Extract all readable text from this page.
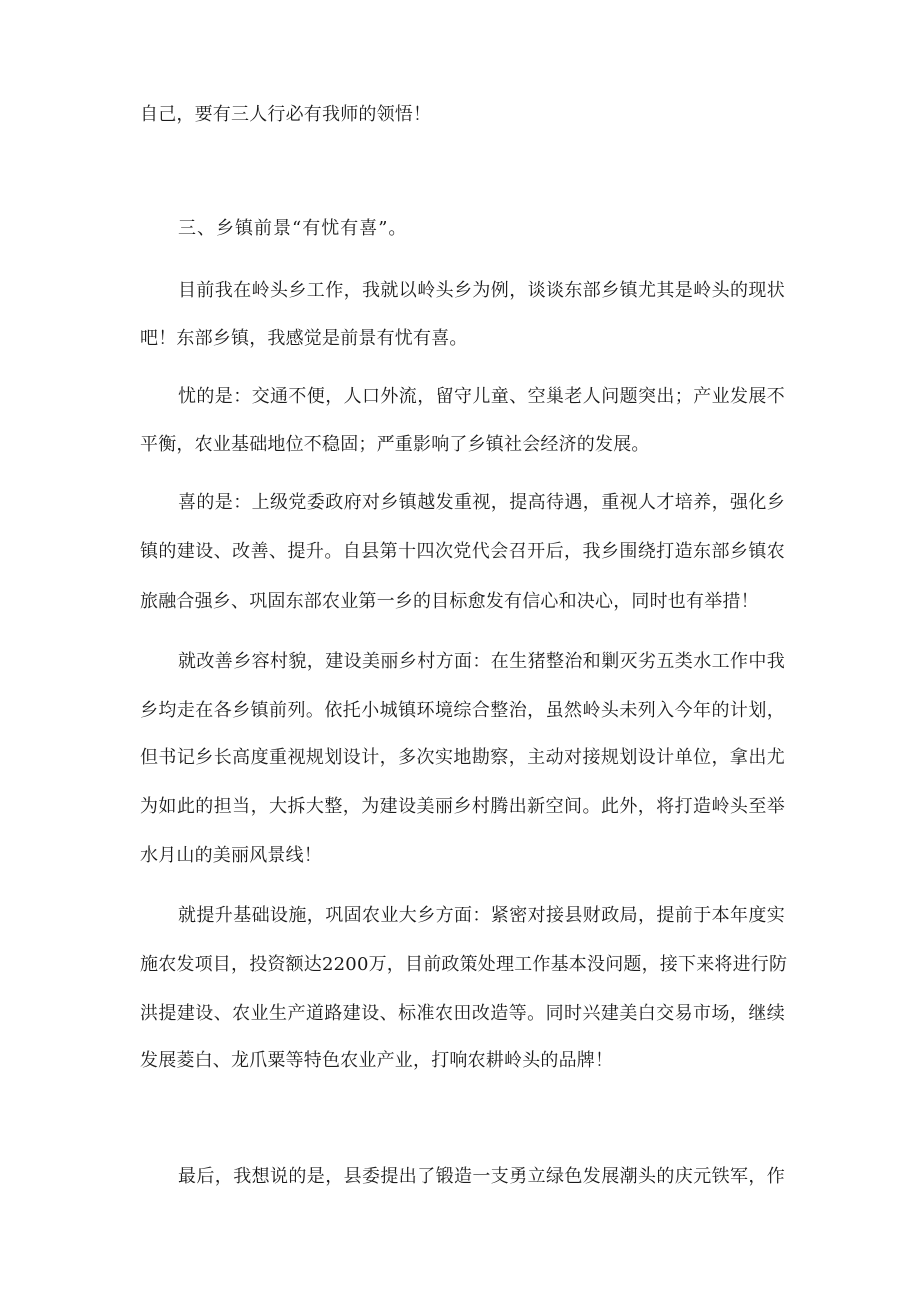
自己，要有三人行必有我师的领悟！
三、乡镇前景“有忧有喜”。
目前我在岭头乡工作，我就以岭头乡为例，谈谈东部乡镇尤其是岭头的现状
吧！东部乡镇，我感觉是前景有忧有喜。
忧的是：交通不便，人口外流，留守儿童、空巢老人问题突出；产业发展不
平衡，农业基础地位不稳固；严重影响了乡镇社会经济的发展。
喜的是：上级党委政府对乡镇越发重视，提高待遇，重视人才培养，强化乡
镇的建设、改善、提升。自县第十四次党代会召开后，我乡围绕打造东部乡镇农
旅融合强乡、巩固东部农业第一乡的目标愈发有信心和决心，同时也有举措！
就改善乡容村貌，建设美丽乡村方面：在生猪整治和剿灭劣五类水工作中我
乡均走在各乡镇前列。依托小城镇环境综合整治，虽然岭头未列入今年的计划，
但书记乡长高度重视规划设计，多次实地勘察，主动对接规划设计单位，拿出尤
为如此的担当，大拆大整，为建设美丽乡村腾出新空间。此外，将打造岭头至举
水月山的美丽风景线！
就提升基础设施，巩固农业大乡方面：紧密对接县财政局，提前于本年度实
施农发项目，投资额达2200万，目前政策处理工作基本没问题，接下来将进行防
洪提建设、农业生产道路建设、标准农田改造等。同时兴建美白交易市场，继续
发展菱白、龙爪粟等特色农业产业，打响农耕岭头的品牌！
最后，我想说的是，县委提出了锻造一支勇立绿色发展潮头的庆元铁军，作
